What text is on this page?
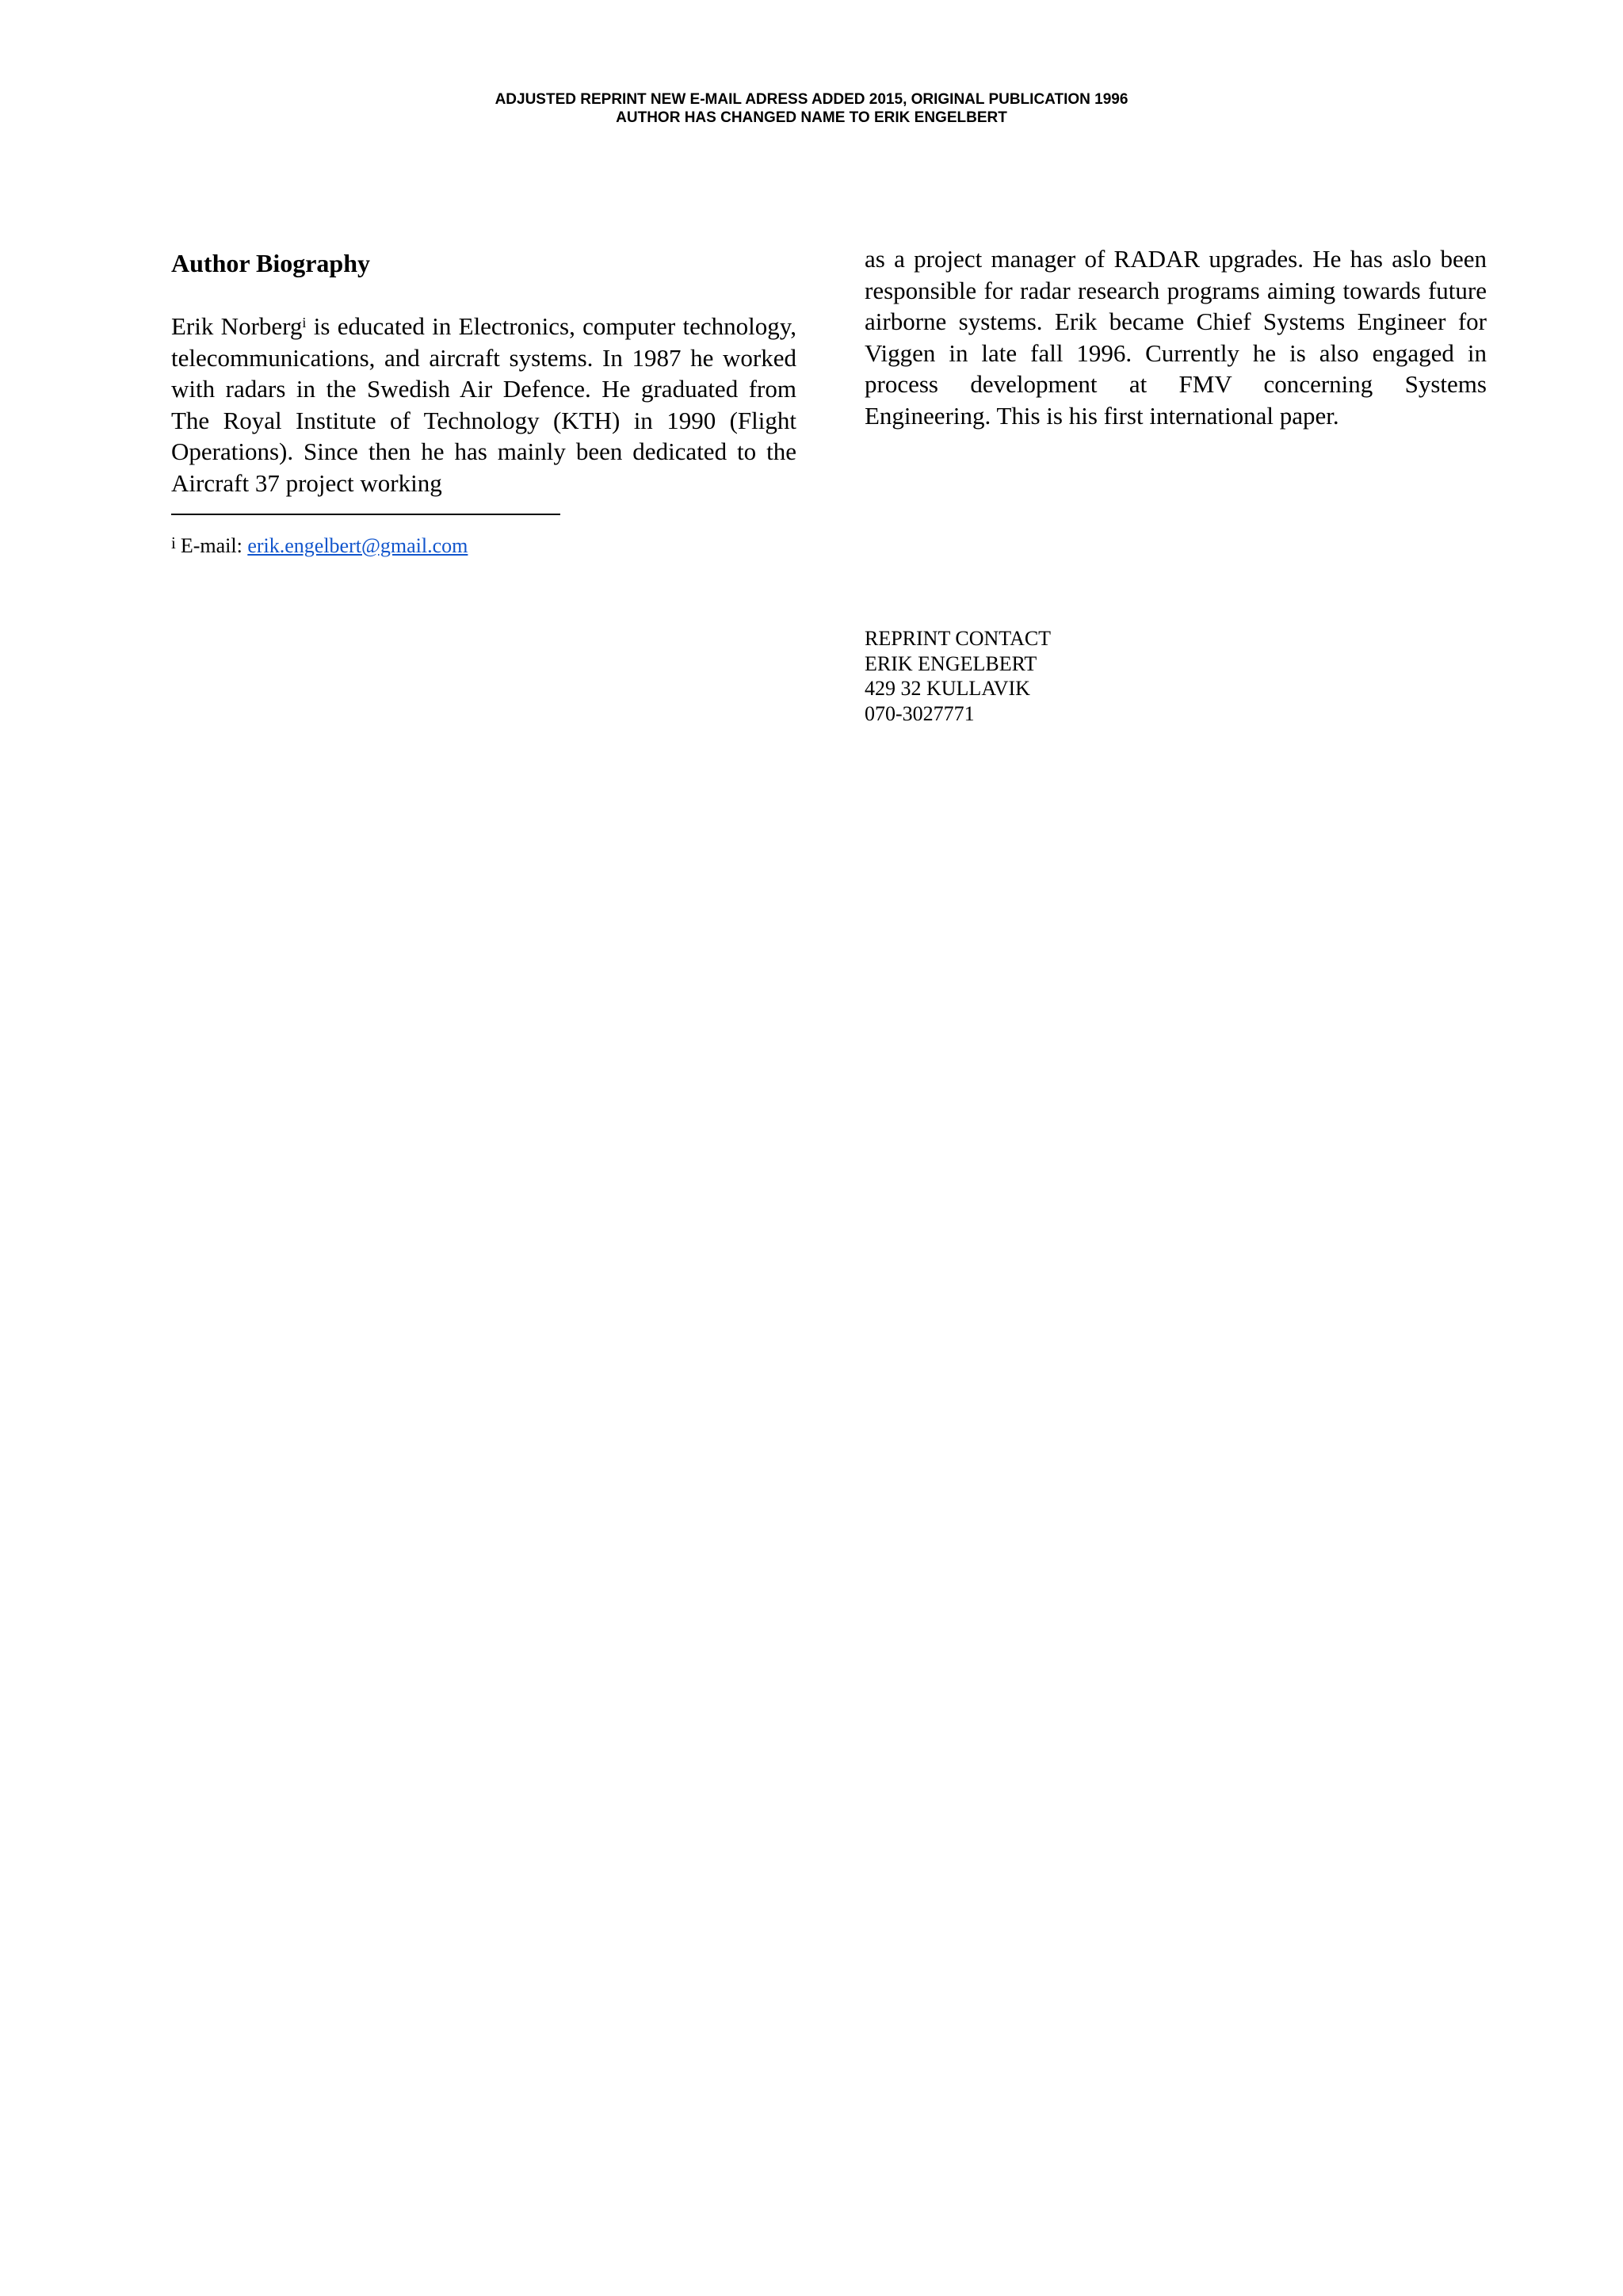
ADJUSTED REPRINT NEW E-MAIL ADRESS ADDED 2015, ORIGINAL PUBLICATION 1996
AUTHOR HAS CHANGED NAME TO ERIK ENGELBERT
Author Biography

Erik Norberg$^i$ is educated in Electronics, computer technology, telecommunications, and aircraft systems. In 1987 he worked with radars in the Swedish Air Defence. He graduated from The Royal Institute of Technology (KTH) in 1990 (Flight Operations). Since then he has mainly been dedicated to the Aircraft 37 project working

as a project manager of RADAR upgrades. He has aslo been responsible for radar research programs aiming towards future airborne systems. Erik became Chief Systems Engineer for Viggen in late fall 1996. Currently he is also engaged in process development at FMV concerning Systems Engineering. This is his first international paper.

$^i$ E-mail: erik.engelbert@gmail.com
REPRINT CONTACT
ERIK ENGELBERT
429 32 KULLAVIK
070-3027771
